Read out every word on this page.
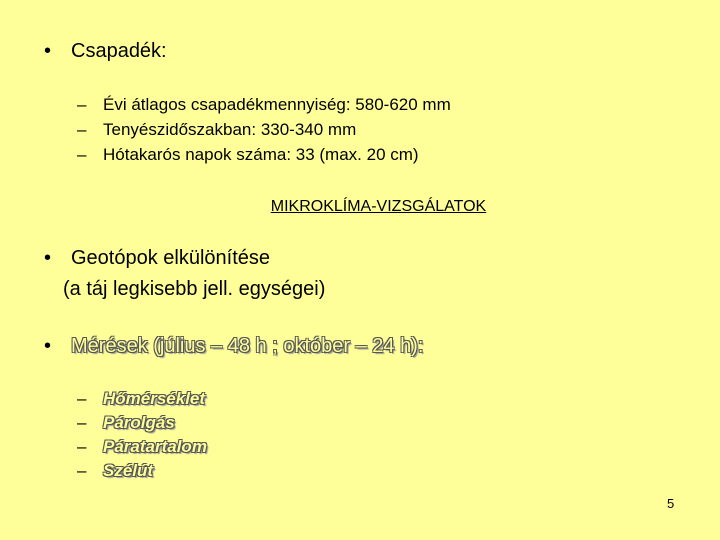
• Csapadék:
– Évi átlagos csapadékmennyiség: 580-620 mm
– Tenyészidőszakban: 330-340 mm
– Hótakarós napok száma: 33 (max. 20 cm)
MIKROKLÍMA-VIZSGÁLATOK
• Geotópok elkülönítése
(a táj legkisebb jell. egységei)
• Mérések (július – 48 h ; október – 24 h):
– Hőmérséklet
– Párolgás
– Páratartalom
– Szélút
5
